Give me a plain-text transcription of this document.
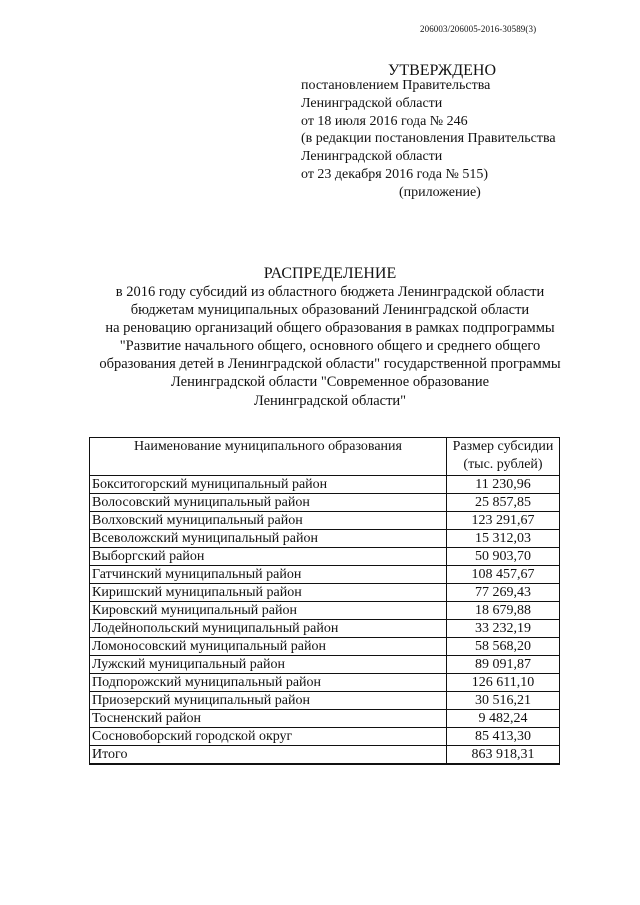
206003/206005-2016-30589(3)
УТВЕРЖДЕНО
постановлением Правительства
Ленинградской области
от 18 июля 2016 года № 246
(в редакции постановления Правительства
Ленинградской области
от 23 декабря 2016 года № 515)
(приложение)
РАСПРЕДЕЛЕНИЕ
в 2016 году субсидий из областного бюджета Ленинградской области
бюджетам муниципальных образований Ленинградской области
на реновацию организаций общего образования в рамках подпрограммы
"Развитие начального общего, основного общего и среднего общего
образования детей в Ленинградской области" государственной программы
Ленинградской области "Современное образование
Ленинградской области"
Наименование муниципального образования	Размер субсидии
(тыс. рублей)
Бокситогорский муниципальный район	11 230,96
Волосовский муниципальный район	25 857,85
Волховский муниципальный район	123 291,67
Всеволожский муниципальный район	15 312,03
Выборгский район	50 903,70
Гатчинский муниципальный район	108 457,67
Киришский муниципальный район	77 269,43
Кировский муниципальный район	18 679,88
Лодейнопольский муниципальный район	33 232,19
Ломоносовский муниципальный район	58 568,20
Лужский муниципальный район	89 091,87
Подпорожский муниципальный район	126 611,10
Приозерский муниципальный район	30 516,21
Тосненский район	9 482,24
Сосновоборский городской округ	85 413,30
Итого	863 918,31
